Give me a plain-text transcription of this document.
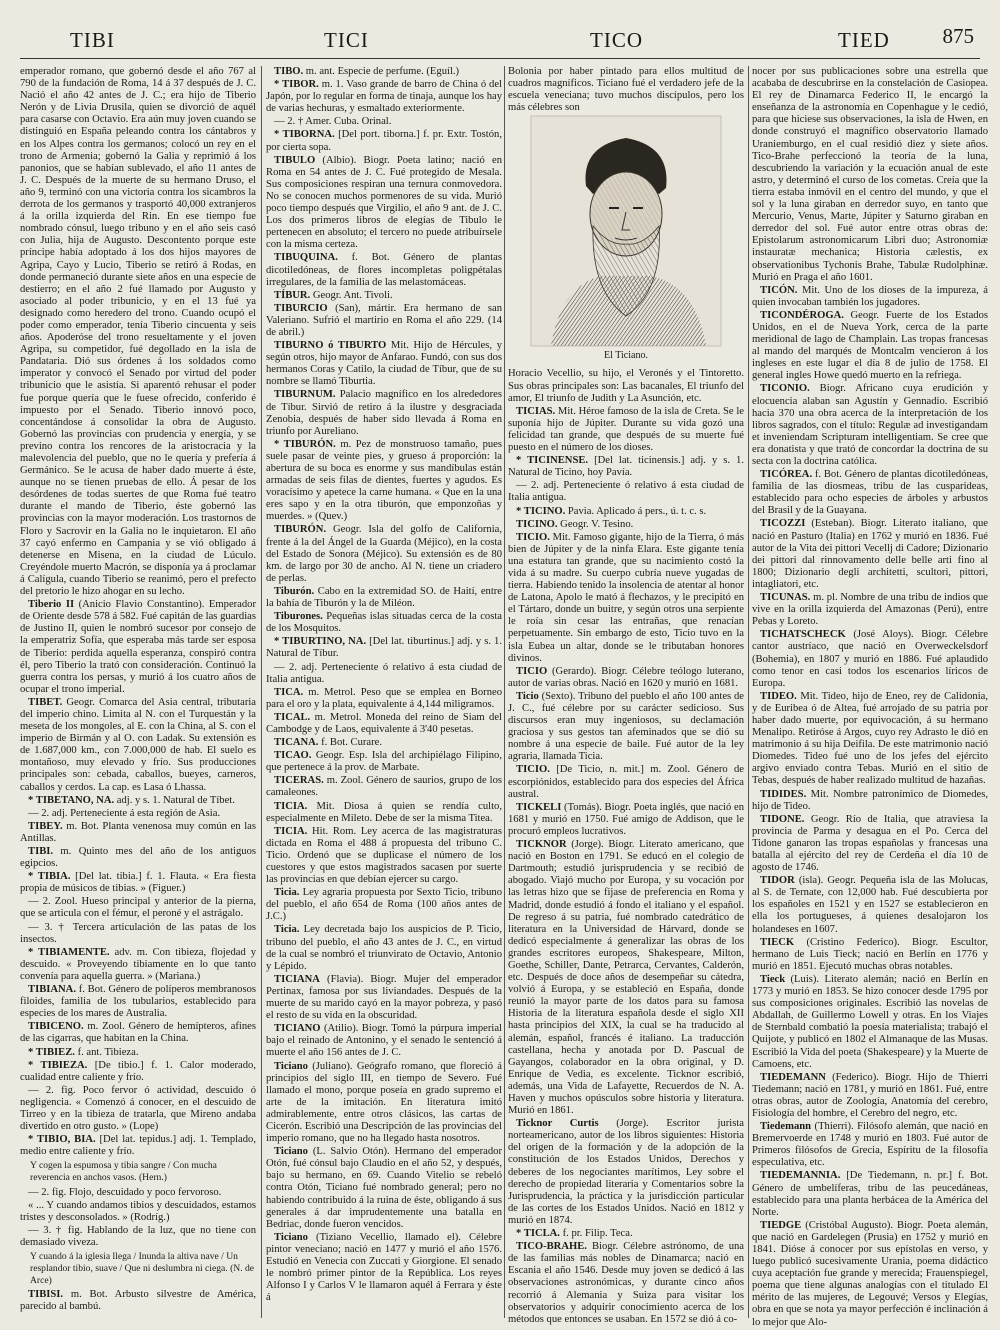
TIBI	TICI	TICO	TIED	875

emperador romano, que gobernó desde el año 767 al 790 de la fundación de Roma, 14 á 37 después de J. C. Nació el año 42 antes de J. C.; era hijo de Tiberio Nerón y de Livia Drusila, quien se divorció de aquél para casarse con Octavio. Era aún muy joven cuando se distinguió en España peleando contra los cántabros y en los Alpes contra los germanos; colocó un rey en el trono de Armenia; gobernó la Galia y reprimió á los panonios, que se habían sublevado, el año 11 antes de J. C. Después de la muerte de su hermano Druso, el año 9, terminó con una victoria contra los sicambros la derrota de los germanos y trasportó 40,000 extranjeros á la orilla izquierda del Rin. En ese tiempo fue nombrado cónsul, luego tribuno y en el año seis casó con Julia, hija de Augusto. Descontento porque este príncipe había adoptado á los dos hijos mayores de Agripa, Cayo y Lucio, Tiberio se retiró á Rodas, en donde permaneció durante siete años en una especie de destierro; en el año 2 fué llamado por Augusto y asociado al poder tribunicio, y en el 13 fué ya designado como heredero del trono. Cuando ocupó el poder como emperador, tenía Tiberio cincuenta y seis años. Apoderóse del trono resueltamente y el joven Agripa, su competidor, fué degollado en la isla de Pandataria. Dió sus órdenes á los soldados como imperator y convocó el Senado por virtud del poder tribunicio que le asistía. Si aparentó rehusar el poder fue porque quería que le fuese ofrecido, conferido é impuesto por el Senado. Tiberio innovó poco, concentándose á consolidar la obra de Augusto. Gobernó las provincias con prudencia y energía, y se previno contra los rencores de la aristocracia y la malevolencia del pueblo, que no le quería y prefería á Germánico. Se le acusa de haber dado muerte á éste, aunque no se tienen pruebas de ello. Á pesar de los desórdenes de todas suertes de que Roma fué teatro durante el mando de Tiberio, éste gobernó las provincias con la mayor moderación. Los trastornos de Floro y Sacrovir en la Galia no le inquietaron. El año 37 cayó enfermo en Campania y se vió obligado á detenerse en Misena, en la ciudad de Lúculo. Creyéndole muerto Macrón, se disponía ya á proclamar á Calígula, cuando Tiberio se reanimó, pero el prefecto del pretorio le hizo ahogar en su lecho.

Tiberio II (Anicio Flavio Constantino). Emperador de Oriente desde 578 á 582. Fué capitán de las guardias de Justino II, quien le nombró sucesor por consejo de la emperatriz Sofía, que esperaba más tarde ser esposa de Tiberio: perdida aquella esperanza, conspiró contra él, pero Tiberio la trató con consideración. Continuó la guerra contra los persas, y murió á los cuatro años de ocupar el trono imperial.

TIBET. Geogr. Comarca del Asia central, tributaria del imperio chino. Limita al N. con el Turquestán y la meseta de los mongoles, al E. con la China, al S. con el imperio de Birmán y al O. con Ladak. Su extensión es de 1.687,000 km., con 7.000,000 de hab. El suelo es montañoso, muy elevado y frío. Sus producciones principales son: cebada, caballos, bueyes, carneros, caballos y cerdos. La cap. es Lasa ó Lhassa.

* TIBETANO, NA. adj. y s. 1. Natural de Tíbet.

— 2. adj. Perteneciente á esta región de Asia.

TIBEY. m. Bot. Planta venenosa muy común en las Antillas.

TIBI. m. Quinto mes del año de los antiguos egipcios.

* TIBIA. [Del lat. tibia.] f. 1. Flauta. « Era fiesta propia de músicos de tibias. » (Figuer.)

— 2. Zool. Hueso principal y anterior de la pierna, que se articula con el fémur, el peroné y el astrágalo.

— 3. † Tercera articulación de las patas de los insectos.

* TIBIAMENTE. adv. m. Con tibieza, flojedad y descuido. « Proveyendo tibiamente en lo que tanto convenía para aquella guerra. » (Mariana.)

TIBIANA. f. Bot. Género de políperos membranosos filoides, familia de los tubularios, establecido para especies de los mares de Australia.

TIBICENO. m. Zool. Género de hemípteros, afines de las cigarras, que habitan en la China.

* TIBIEZ. f. ant. Tibieza.

* TIBIEZA. [De tibio.] f. 1. Calor moderado, cualidad entre caliente y frío.

— 2. fig. Poco fervor ó actividad, descuido ó negligencia. « Comenzó á conocer, en el descuido de Tirreo y en la tibieza de tratarla, que Mireno andaba divertido en otro gusto. » (Lope)

* TIBIO, BIA. [Del lat. tepidus.] adj. 1. Templado, medio entre caliente y frío.

Y cogen la espumosa y tibia sangre / Con mucha reverencia en anchos vasos. (Hern.)

— 2. fig. Flojo, descuidado y poco fervoroso.

« ... Y cuando andamos tibios y descuidados, estamos tristes y desconsolados. » (Rodríg.)

— 3. † fig. Hablando de la luz, que no tiene con demasiado viveza.

Y cuando á la iglesia llega / Inunda la altiva nave / Un resplandor tibio, suave / Que ni deslumbra ni ciega. (N. de Arce)

TIBISI. m. Bot. Arbusto silvestre de América, parecido al bambú.

TIBO. m. ant. Especie de perfume. (Eguíl.)

* TIBOR. m. 1. Vaso grande de barro de China ó del Japón, por lo regular en forma de tinaja, aunque los hay de varias hechuras, y esmaltado exteriormente.

— 2. † Amer. Cuba. Orinal.

* TIBORNA. [Del port. tiborna.] f. pr. Extr. Tostón, por cierta sopa.

TIBULO (Albio). Biogr. Poeta latino; nació en Roma en 54 antes de J. C. Fué protegido de Mesala. Sus composiciones respiran una ternura conmovedora. No se conocen muchos pormenores de su vida. Murió poco tiempo después que Virgilio, el año 9 ant. de J. C. Los dos primeros libros de elegías de Tibulo le pertenecen en absoluto; el tercero no puede atribuírsele con la misma certeza.

TIBUQUINA. f. Bot. Género de plantas dicotiledóneas, de flores incompletas poligpétalas irregulares, de la familia de las melastomáceas.

TÍBUR. Geogr. Ant. Tivoli.

TIBURCIO (San), mártir. Era hermano de san Valeriano. Sufrió el martirio en Roma el año 229. (14 de abril.)

TIBURNO ó TIBURTO Mit. Hijo de Hércules, y según otros, hijo mayor de Anfarao. Fundó, con sus dos hermanos Coras y Catilo, la ciudad de Tíbur, que de su nombre se llamó Tiburtia.

TIBURNUM. Palacio magnífico en los alrededores de Tíbur. Sirvió de retiro á la ilustre y desgraciada Zenobia, después de haber sido llevada á Roma en triunfo por Aureliano.

* TIBURÓN. m. Pez de monstruoso tamaño, pues suele pasar de veinte pies, y grueso á proporción: la abertura de su boca es enorme y sus mandíbulas están armadas de seis filas de dientes, fuertes y agudos. Es voracísimo y apetece la carne humana. « Que en la una eres sapo y en la otra tiburón, que emponzoñas y muerdes. » (Quev.)

TIBURÓN. Geogr. Isla del golfo de California, frente á la del Ángel de la Guarda (Méjico), en la costa del Estado de Sonora (Méjico). Su extensión es de 80 km. de largo por 30 de ancho. Al N. tiene un criadero de perlas.

Tiburón. Cabo en la extremidad SO. de Haití, entre la bahía de Tiburón y la de Miléon.

Tiburones. Pequeñas islas situadas cerca de la costa de los Mosquitos.

* TIBURTINO, NA. [Del lat. tiburtinus.] adj. y s. 1. Natural de Tíbur.

— 2. adj. Perteneciente ó relativo á esta ciudad de Italia antigua.

TICA. m. Metrol. Peso que se emplea en Borneo para el oro y la plata, equivalente á 4,144 miligramos.

TICAL. m. Metrol. Moneda del reino de Siam del Cambodge y de Laos, equivalente á 3'40 pesetas.

TICANA. f. Bot. Curare.

TICAO. Geogr. Esp. Isla del archipiélago Filipino, que pertenece á la prov. de Marbate.

TICERAS. m. Zool. Género de saurios, grupo de los camaleones.

TICIA. Mit. Diosa á quien se rendía culto, especialmente en Mileto. Debe de ser la misma Titea.

TICIA. Hit. Rom. Ley acerca de las magistraturas dictada en Roma el 488 á propuesta del tribuno C. Ticio. Ordenó que se duplicase el número de los cuestores y que estos magistrados sacasen por suerte las provincias en que debían ejercer su cargo.

Ticia. Ley agraria propuesta por Sexto Ticio, tribuno del pueblo, el año 654 de Roma (100 años antes de J.C.)

Ticia. Ley decretada bajo los auspicios de P. Ticio, tribuno del pueblo, el año 43 antes de J. C., en virtud de la cual se nombró el triunvirato de Octavio, Antonio y Lépido.

TICIANA (Flavia). Biogr. Mujer del emperador Pertinax, famosa por sus liviandades. Después de la muerte de su marido cayó en la mayor pobreza, y pasó el resto de su vida en la obscuridad.

TICIANO (Atilio). Biogr. Tomó la púrpura imperial bajo el reinado de Antonino, y el senado le sentenció á muerte el año 156 antes de J. C.

Ticiano (Juliano). Geógrafo romano, que floreció á principios del siglo III, en tiempo de Severo. Fué llamado el mono, porque poseía en grado supremo el arte de la imitación. En literatura imitó admirablemente, entre otros clásicos, las cartas de Cicerón. Escribió una Descripción de las provincias del imperio romano, que no ha llegado hasta nosotros.

Ticiano (L. Salvio Otón). Hermano del emperador Otón, fué cónsul bajo Claudio en el año 52, y después, bajo su hermano, en 69. Cuando Vitelio se rebeló contra Otón, Ticiano fué nombrado general; pero no habiendo contribuido á la ruina de éste, obligando á sus generales á dar imprudentemente una batalla en Bedriac, donde fueron vencidos.

Ticiano (Tiziano Vecellio, llamado el). Célebre pintor veneciano; nació en 1477 y murió el año 1576. Estudió en Venecia con Zuccati y Giorgione. El senado le nombró primer pintor de la República. Los reyes Alfonso I y Carlos V le llamaron aquél á Ferrara y éste á

Bolonia por haber pintado para ellos multitud de cuadros magníficos. Ticiano fué el verdadero jefe de la escuela veneciana; tuvo muchos discípulos, pero los más célebres son

El Ticiano.

Horacio Vecellio, su hijo, el Veronés y el Tintoretto. Sus obras principales son: Las bacanales, El triunfo del amor, El triunfo de Judith y La Asunción, etc.

TICIAS. Mit. Héroe famoso de la isla de Creta. Se le suponía hijo de Júpiter. Durante su vida gozó una felicidad tan grande, que después de su muerte fué puesto en el número de los dioses.

* TICINENSE. [Del lat. ticinensis.] adj. y s. 1. Natural de Ticino, hoy Pavía.

— 2. adj. Perteneciente ó relativo á esta ciudad de Italia antigua.

* TICINO. Pavia. Aplicado á pers., ú. t. c. s.

TICINO. Geogr. V. Tesino.

TICIO. Mit. Famoso gigante, hijo de la Tierra, ó más bien de Júpiter y de la ninfa Elara. Este gigante tenía una estatura tan grande, que su nacimiento costó la vida á su madre. Su cuerpo cubría nueve yugadas de tierra. Habiendo tenido la insolencia de atentar al honor de Latona, Apolo le mató á flechazos, y le precipitó en el Tártaro, donde un buitre, y según otros una serpiente le roía sin cesar las entrañas, que renacían perpetuamente. Sin embargo de esto, Ticio tuvo en la isla Eubea un altar, donde se le tributaban honores divinos.

TICIO (Gerardo). Biogr. Célebre teólogo luterano, autor de varias obras. Nació en 1620 y murió en 1681.

Ticio (Sexto). Tribuno del pueblo el año 100 antes de J. C., fué célebre por su carácter sedicioso. Sus discursos eran muy ingeniosos, su declamación graciosa y sus gestos tan afeminados que se dió su nombre á una especie de baile. Fué autor de la ley agraria, llamada Ticia.

TICIO. [De Ticio, n. mit.] m. Zool. Género de escorpiónidos, establecido para dos especies del África austral.

TICKELI (Tomás). Biogr. Poeta inglés, que nació en 1681 y murió en 1750. Fué amigo de Addison, que le procuró empleos lucrativos.

TICKNOR (Jorge). Biogr. Literato americano, que nació en Boston en 1791. Se educó en el colegio de Dartmouth; estudió jurisprudencia y se recibió de abogado. Viajó mucho por Europa, y su vocación por las letras hizo que se fijase de preferencia en Roma y Madrid, donde estudió á fondo el italiano y el español. De regreso á su patria, fué nombrado catedrático de literatura en la Universidad de Hárvard, donde se dedicó especialmente á generalizar las obras de los grandes escritores europeos, Shakespeare, Milton, Goethe, Schiller, Dante, Petrarca, Cervantes, Calderón, etc. Después de doce años de desempeñar su cátedra, volvió á Europa, y se estableció en España, donde reunió la mayor parte de los datos para su famosa Historia de la literatura española desde el siglo XII hasta principios del XIX, la cual se ha traducido al alemán, español, francés é italiano. La traducción castellana, hecha y anotada por D. Pascual de Gayangos, colaborador en la obra original, y D. Enrique de Vedia, es excelente. Ticknor escribió, además, una Vida de Lafayette, Recuerdos de N. A. Haven y muchos opúsculos sobre historia y literatura. Murió en 1861.

Ticknor Curtis (Jorge). Escritor jurista norteamericano, autor de los libros siguientes: Historia del origen de la formación y de la adopción de la constitución de los Estados Unidos, Derechos y deberes de los negociantes marítimos, Ley sobre el derecho de propiedad literaria y Comentarios sobre la Jurisprudencia, la práctica y la jurisdicción particular de las cortes de los Estados Unidos. Nació en 1812 y murió en 1874.

* TICLA. f. pr. Filip. Teca.

TICO-BRAHE. Biogr. Célebre astrónomo, de una de las familias más nobles de Dinamarca; nació en Escania el año 1546. Desde muy joven se dedicó á las observaciones astronómicas, y durante cinco años recorrió á Alemania y Suiza para visitar los observatorios y adquirir conocimiento acerca de los métodos que entonces se usaban. En 1572 se dió á co-

nocer por sus publicaciones sobre una estrella que acababa de descubrirse en la constelación de Casiopea. El rey de Dinamarca Federico II, le encargó la enseñanza de la astronomía en Copenhague y le cedió, para que hiciese sus observaciones, la isla de Hwen, en donde construyó el magnífico observatorio llamado Uraniemburgo, en el cual residió diez y siete años. Tico-Brahe perfeccionó la teoría de la luna, descubriendo la variación y la ecuación anual de este astro, y determinó el curso de los cometas. Creía que la tierra estaba inmóvil en el centro del mundo, y que el sol y la luna giraban en derredor suyo, en tanto que Mercurio, Venus, Marte, Júpiter y Saturno giraban en derredor del sol. Fué autor entre otras obras de: Epistolarum astronomicarum Libri duo; Astronomiæ instauratæ mechanica; Historia cælestis, ex observationibus Tychonis Brahe, Tabulæ Rudolphinæ. Murió en Praga el año 1601.

TICÓN. Mit. Uno de los dioses de la impureza, á quien invocaban también los jugadores.

TICONDÉROGA. Geogr. Fuerte de los Estados Unidos, en el de Nueva York, cerca de la parte meridional de lago de Champlain. Las tropas francesas al mando del marqués de Montcalm vencieron á los ingleses en este lugar el día 8 de julio de 1758. El general ingles Howe quedó muerto en la refriega.

TICONIO. Biogr. Africano cuya erudición y elocuencia alaban san Agustín y Gennadio. Escribió hacia 370 una obra acerca de la interpretación de los libros sagrados, con el título: Regulæ ad investigandam et inveniendam Scripturam intelligentiam. Se cree que era donatista y que trató de concordar la doctrina de su secta con la doctrina católica.

TICÓREA. f. Bot. Género de plantas dicotiledóneas, familia de las diosmeas, tribu de las cusparideas, establecido para ocho especies de árboles y arbustos del Brasil y de la Guayana.

TICOZZI (Esteban). Biogr. Literato italiano, que nació en Pasturo (Italia) en 1762 y murió en 1836. Fué autor de la Vita dei pittori Vecellj di Cadore; Dizionario dei pittori dal rinnovamento delle belle arti fino al 1800; Dizionario degli architetti, scultori, pittori, intagliatori, etc.

TICUNAS. m. pl. Nombre de una tribu de indios que vive en la orilla izquierda del Amazonas (Perú), entre Pebas y Loreto.

TICHATSCHECK (José Aloys). Biogr. Célebre cantor austríaco, que nació en Overweckelsdorf (Bohemia), en 1807 y murió en 1886. Fué aplaudido como tenor en casi todos los escenarios líricos de Europa.

TIDEO. Mit. Tideo, hijo de Eneo, rey de Calidonia, y de Euribea ó de Altea, fué arrojado de su patria por haber dado muerte, por equivocación, á su hermano Menalipo. Retiróse á Argos, cuyo rey Adrasto le dió en matrimonio á su hija Deifila. De este matrimonio nació Diomedes. Tideo fué uno de los jefes del ejército argivo enviado contra Tebas. Murió en el sitio de Tebas, después de haber realizado multitud de hazañas.

TIDIDES. Mit. Nombre patronímico de Diomedes, hijo de Tideo.

TIDONE. Geogr. Río de Italia, que atraviesa la provincia de Parma y desagua en el Po. Cerca del Tidone ganaron las tropas españolas y francesas una batalla al ejército del rey de Cerdeña el día 10 de agosto de 1746.

TIDOR (isla). Geogr. Pequeña isla de las Molucas, al S. de Ternate, con 12,000 hab. Fué descubierta por los españoles en 1521 y en 1527 se establecieron en ella los portugueses, á quienes desalojaron los holandeses en 1607.

TIECK (Cristino Federico). Biogr. Escultor, hermano de Luis Tieck; nació en Berlín en 1776 y murió en 1851. Ejecutó muchas obras notables.

Tieck (Luis). Literato alemán; nació en Berlín en 1773 y murió en 1853. Se hizo conocer desde 1795 por sus composiciones originales. Escribió las novelas de Abdallah, de Guillermo Lowell y otras. En los Viajes de Sternbald combatió la poesía materialista; trabajó el Quijote, y publicó en 1802 el Almanaque de las Musas. Escribió la Vida del poeta (Shakespeare) y la Muerte de Camoens, etc.

TIEDEMANN (Federico). Biogr. Hijo de Thierri Tiedemann; nació en 1781, y murió en 1861. Fué, entre otras obras, autor de Zoología, Anatomía del cerebro, Fisiología del hombre, el Cerebro del negro, etc.

Tiedemann (Thierri). Filósofo alemán, que nació en Bremervoerde en 1748 y murió en 1803. Fué autor de Primeros filósofos de Grecia, Espíritu de la filosofía especulativa, etc.

TIEDEMANNIA. [De Tiedemann, n. pr.] f. Bot. Género de umbelíferas, tribu de las peucedáneas, establecido para una planta herbácea de la América del Norte.

TIEDGE (Cristóbal Augusto). Biogr. Poeta alemán, que nació en Gardelegen (Prusia) en 1752 y murió en 1841. Dióse á conocer por sus epístolas en verso, y luego publicó sucesivamente Urania, poema didáctico cuya aceptación fue grande y merecida; Frauenspiegel, poema que tiene algunas analogías con el titulado El mérito de las mujeres, de Legouvé; Versos y Elegías, obra en que se nota ya mayor perfección é inclinación á lo mejor que Alo-
